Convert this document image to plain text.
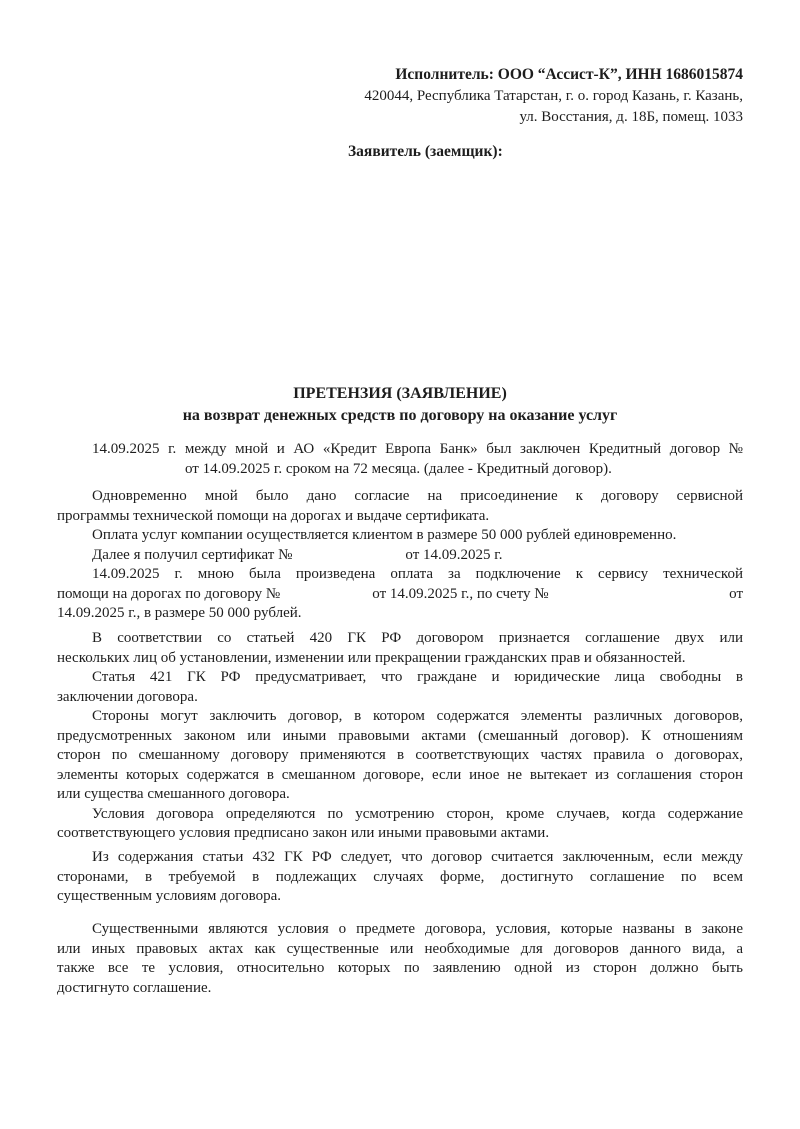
Исполнитель: ООО “Ассист-К”, ИНН 1686015874
420044, Республика Татарстан, г. о. город Казань, г. Казань,
ул. Восстания, д. 18Б, помещ. 1033
Заявитель (заемщик):
ПРЕТЕНЗИЯ (ЗАЯВЛЕНИЕ)
на возврат денежных средств по договору на оказание услуг
14.09.2025 г. между мной и АО «Кредит Европа Банк» был заключен Кредитный договор №
от 14.09.2025 г. сроком на 72 месяца. (далее - Кредитный договор).
Одновременно мной было дано согласие на присоединение к договору сервисной
программы технической помощи на дорогах и выдаче сертификата.
Оплата услуг компании осуществляется клиентом в размере 50 000 рублей единовременно.
Далее я получил сертификат №	от 14.09.2025 г.
14.09.2025 г. мною была произведена оплата за подключение к сервису технической
помощи на дорогах по договору №	от 14.09.2025 г., по счету №	от
14.09.2025 г., в размере 50 000 рублей.
В соответствии со статьей 420 ГК РФ договором признается соглашение двух или
нескольких лиц об установлении, изменении или прекращении гражданских прав и обязанностей.
Статья 421 ГК РФ предусматривает, что граждане и юридические лица свободны в
заключении договора.
Стороны могут заключить договор, в котором содержатся элементы различных договоров,
предусмотренных законом или иными правовыми актами (смешанный договор). К отношениям
сторон по смешанному договору применяются в соответствующих частях правила о договорах,
элементы которых содержатся в смешанном договоре, если иное не вытекает из соглашения сторон
или существа смешанного договора.
Условия договора определяются по усмотрению сторон, кроме случаев, когда содержание
соответствующего условия предписано закон или иными правовыми актами.
Из содержания статьи 432 ГК РФ следует, что договор считается заключенным, если между
сторонами, в требуемой в подлежащих случаях форме, достигнуто соглашение по всем
существенным условиям договора.
Существенными являются условия о предмете договора, условия, которые названы в законе
или иных правовых актах как существенные или необходимые для договоров данного вида, а
также все те условия, относительно которых по заявлению одной из сторон должно быть
достигнуто соглашение.
